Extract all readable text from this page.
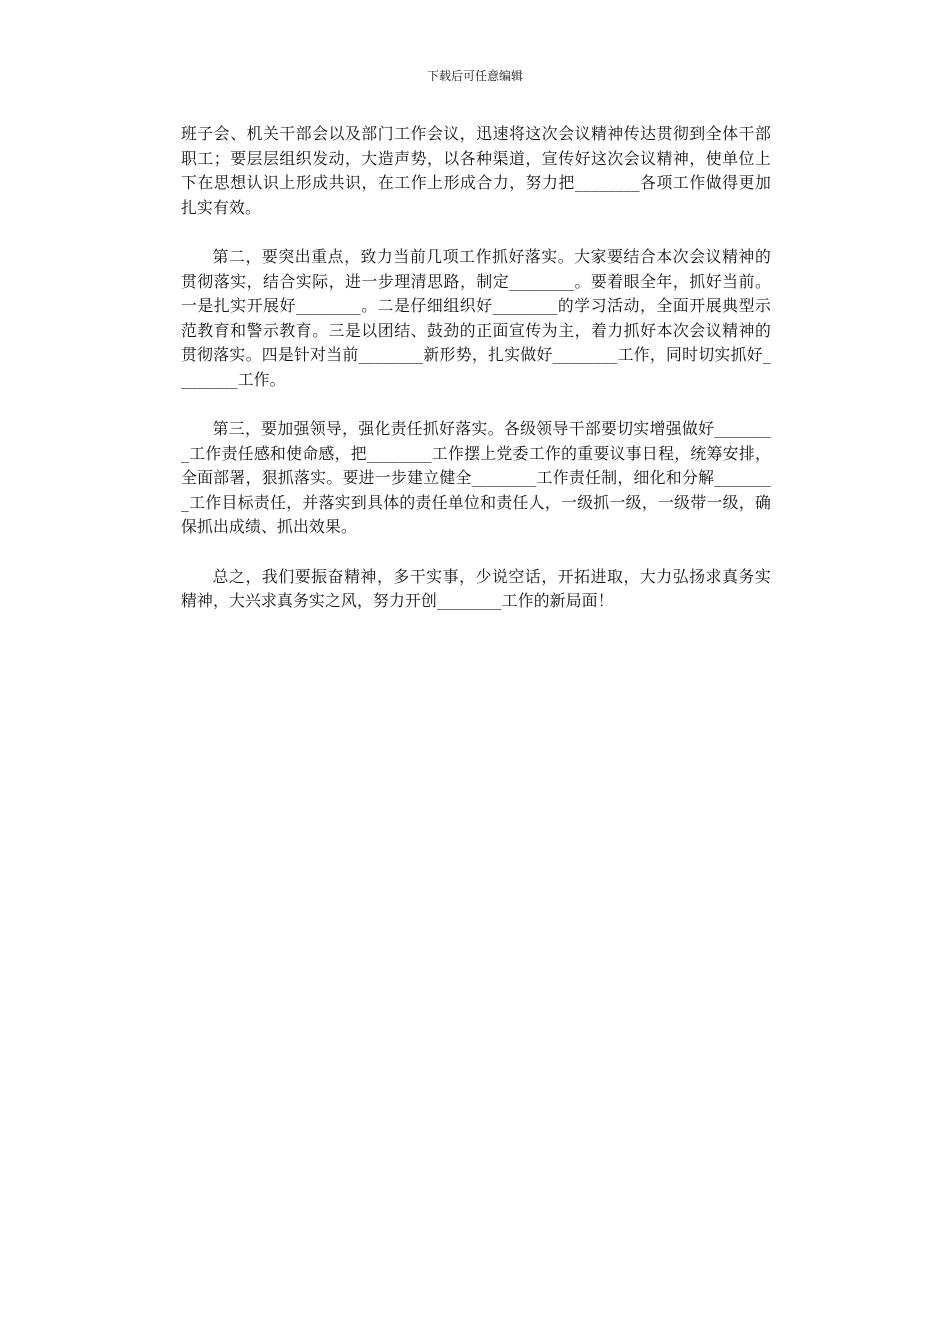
下载后可任意编辑

班子会、机关干部会以及部门工作会议，迅速将这次会议精神传达贯彻到全体干部职工；要层层组织发动，大造声势，以各种渠道，宣传好这次会议精神，使单位上下在思想认识上形成共识，在工作上形成合力，努力把________各项工作做得更加扎实有效。

第二，要突出重点，致力当前几项工作抓好落实。大家要结合本次会议精神的贯彻落实，结合实际，进一步理清思路，制定________。要着眼全年，抓好当前。一是扎实开展好________。二是仔细组织好________的学习活动，全面开展典型示范教育和警示教育。三是以团结、鼓劲的正面宣传为主，着力抓好本次会议精神的贯彻落实。四是针对当前________新形势，扎实做好________工作，同时切实抓好________工作。

第三，要加强领导，强化责任抓好落实。各级领导干部要切实增强做好________工作责任感和使命感，把________工作摆上党委工作的重要议事日程，统筹安排，全面部署，狠抓落实。要进一步建立健全________工作责任制，细化和分解________工作目标责任，并落实到具体的责任单位和责任人，一级抓一级，一级带一级，确保抓出成绩、抓出效果。

总之，我们要振奋精神，多干实事，少说空话，开拓进取，大力弘扬求真务实精神，大兴求真务实之风，努力开创________工作的新局面！
